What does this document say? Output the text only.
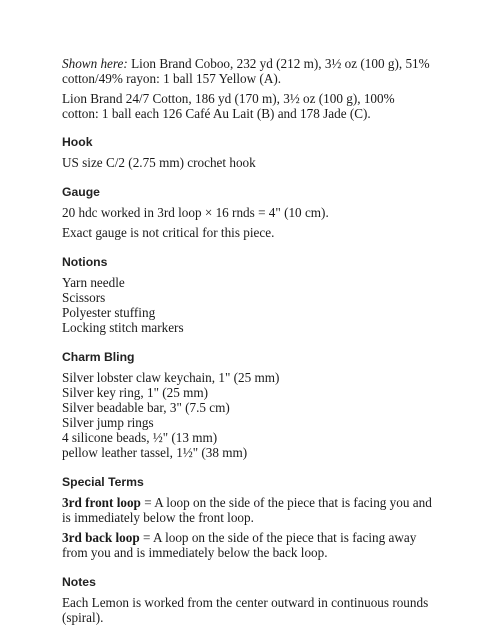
Shown here: Lion Brand Coboo, 232 yd (212 m), 3½ oz (100 g), 51% cotton/49% rayon: 1 ball 157 Yellow (A).

Lion Brand 24/7 Cotton, 186 yd (170 m), 3½ oz (100 g), 100% cotton: 1 ball each 126 Café Au Lait (B) and 178 Jade (C).

Hook

US size C/2 (2.75 mm) crochet hook

Gauge

20 hdc worked in 3rd loop × 16 rnds = 4" (10 cm).

Exact gauge is not critical for this piece.

Notions
Yarn needle
Scissors
Polyester stuffing
Locking stitch markers
Charm Bling
Silver lobster claw keychain, 1" (25 mm)
Silver key ring, 1" (25 mm)
Silver beadable bar, 3" (7.5 cm)
Silver jump rings
4 silicone beads, ½" (13 mm)
pellow leather tassel, 1½" (38 mm)
Special Terms

3rd front loop = A loop on the side of the piece that is facing you and is immediately below the front loop.

3rd back loop = A loop on the side of the piece that is facing away from you and is immediately below the back loop.

Notes

Each Lemon is worked from the center outward in continuous rounds (spiral).
